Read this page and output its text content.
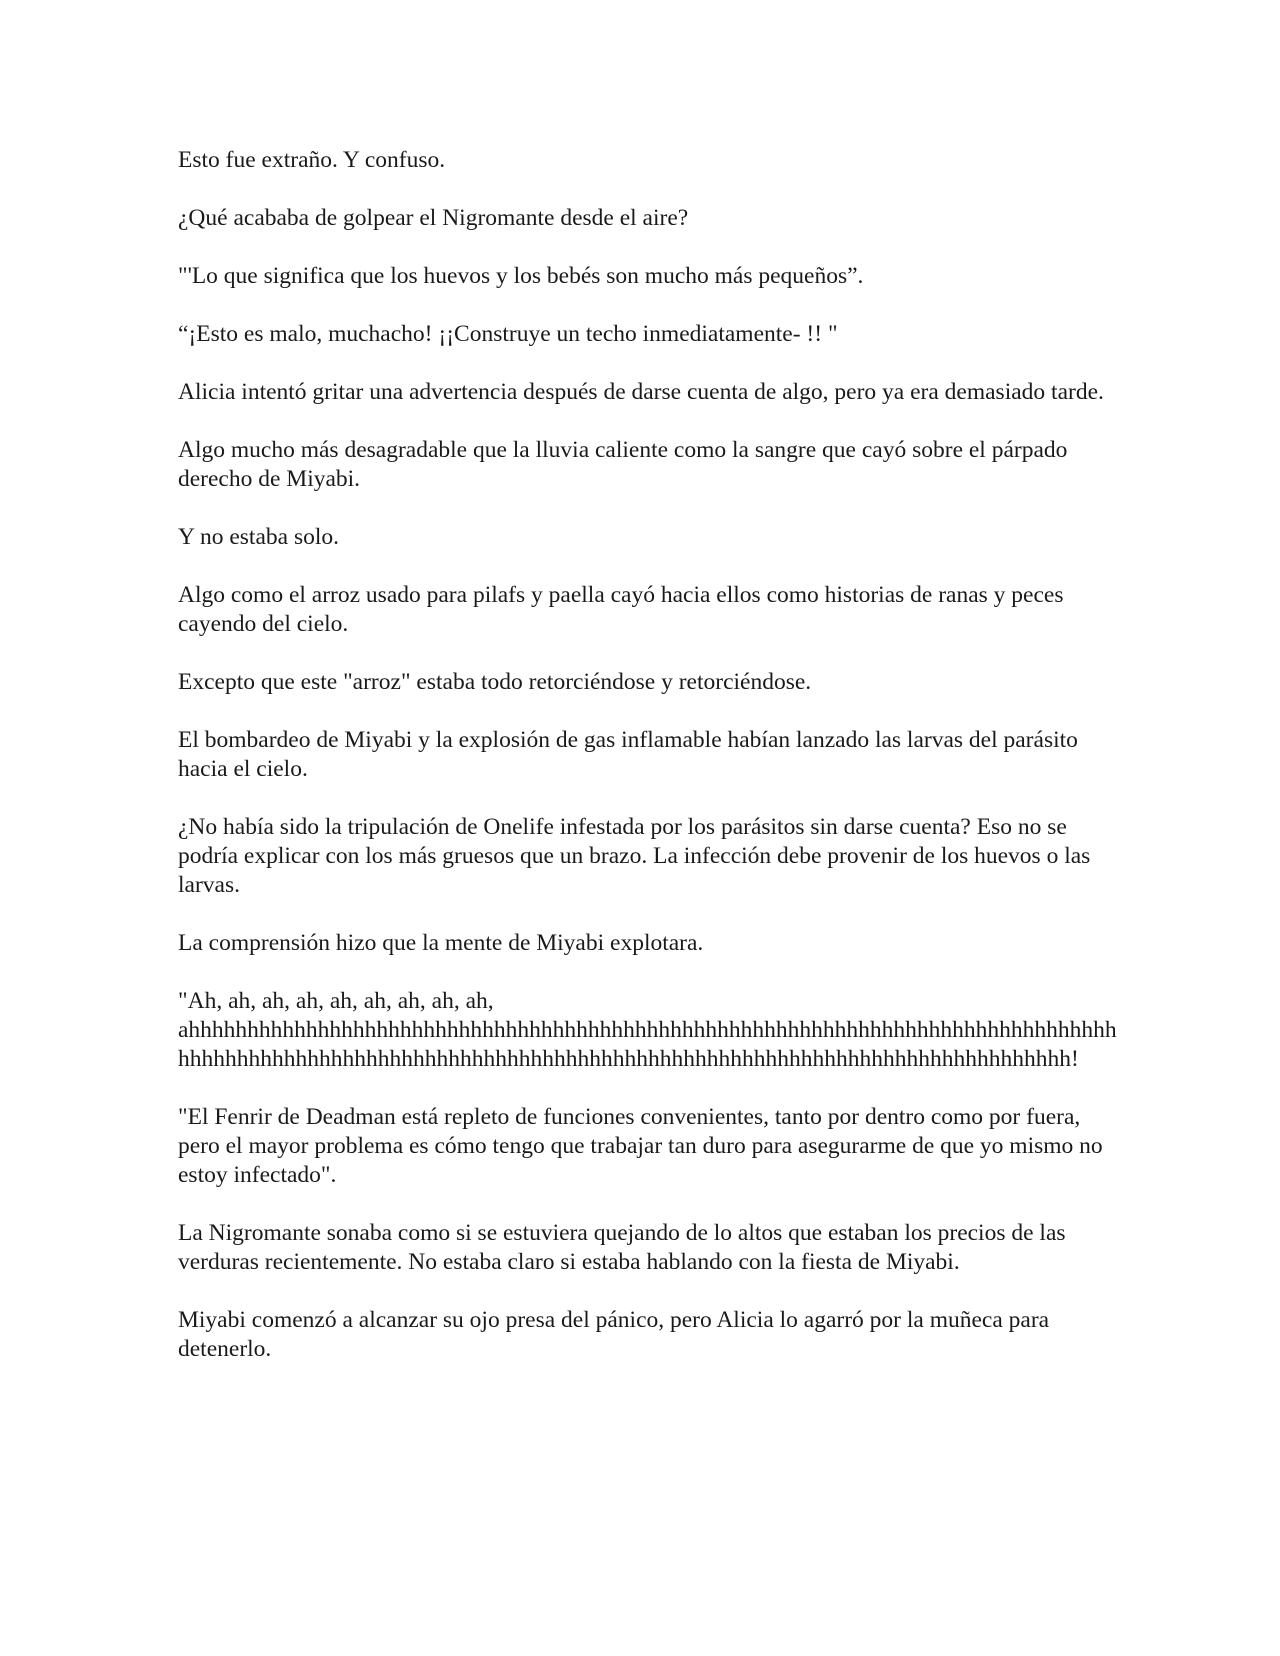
Esto fue extraño. Y confuso.

¿Qué acababa de golpear el Nigromante desde el aire?

"'Lo que significa que los huevos y los bebés son mucho más pequeños”.

“¡Esto es malo, muchacho! ¡¡Construye un techo inmediatamente- !! "

Alicia intentó gritar una advertencia después de darse cuenta de algo, pero ya era demasiado tarde.

Algo mucho más desagradable que la lluvia caliente como la sangre que cayó sobre el párpado derecho de Miyabi.

Y no estaba solo.

Algo como el arroz usado para pilafs y paella cayó hacia ellos como historias de ranas y peces cayendo del cielo.

Excepto que este "arroz" estaba todo retorciéndose y retorciéndose.

El bombardeo de Miyabi y la explosión de gas inflamable habían lanzado las larvas del parásito hacia el cielo.

¿No había sido la tripulación de Onelife infestada por los parásitos sin darse cuenta? Eso no se podría explicar con los más gruesos que un brazo. La infección debe provenir de los huevos o las larvas.

La comprensión hizo que la mente de Miyabi explotara.

"Ah, ah, ah, ah, ah, ah, ah, ah, ah, ahhhhhhhhhhhhhhhhhhhhhhhhhhhhhhhhhhhhhhhhhhhhhhhhhhhhhhhhhhhhhhhhhhhhhhhhhhhhhhhhhhhhhhhhhhhhhhhhhhhhhhhhhhhhhhhhhhhhhhhhhhhhhhhhhhhhhhhhhhhhhhhhhhhhhhhhhhh!

"El Fenrir de Deadman está repleto de funciones convenientes, tanto por dentro como por fuera, pero el mayor problema es cómo tengo que trabajar tan duro para asegurarme de que yo mismo no estoy infectado".

La Nigromante sonaba como si se estuviera quejando de lo altos que estaban los precios de las verduras recientemente. No estaba claro si estaba hablando con la fiesta de Miyabi.

Miyabi comenzó a alcanzar su ojo presa del pánico, pero Alicia lo agarró por la muñeca para detenerlo.
